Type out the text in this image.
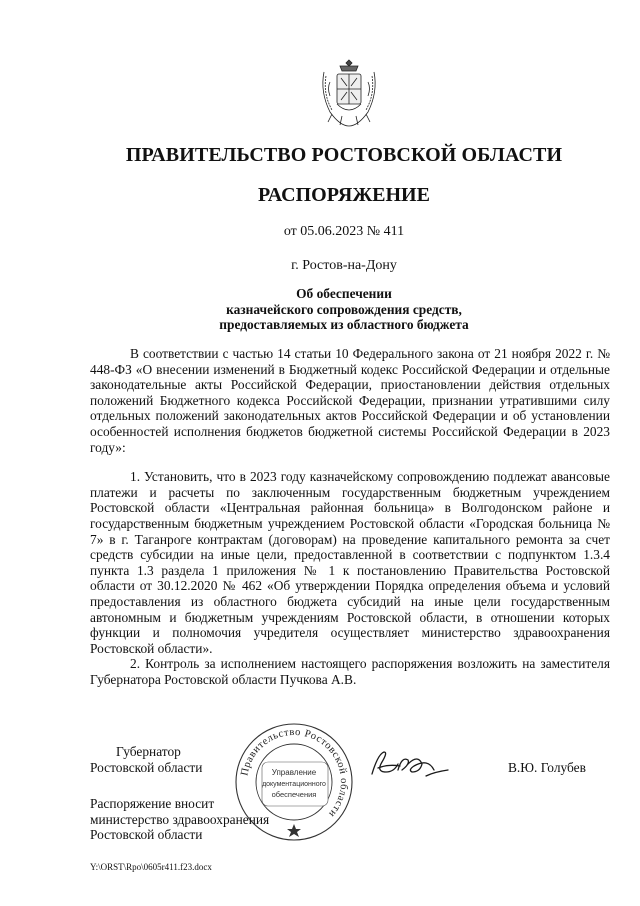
ПРАВИТЕЛЬСТВО РОСТОВСКОЙ ОБЛАСТИ
РАСПОРЯЖЕНИЕ
от 05.06.2023 № 411
г. Ростов-на-Дону
Об обеспечении
казначейского сопровождения средств,
предоставляемых из областного бюджета

В соответствии с частью 14 статьи 10 Федерального закона от 21 ноября 2022 г. № 448-ФЗ «О внесении изменений в Бюджетный кодекс Российской Федерации и отдельные законодательные акты Российской Федерации, приостановлении действия отдельных положений Бюджетного кодекса Российской Федерации, признании утратившими силу отдельных положений законодательных актов Российской Федерации и об установлении особенностей исполнения бюджетов бюджетной системы Российской Федерации в 2023 году»:

1. Установить, что в 2023 году казначейскому сопровождению подлежат авансовые платежи и расчеты по заключенным государственным бюджетным учреждением Ростовской области «Центральная районная больница» в Волгодонском районе и государственным бюджетным учреждением Ростовской области «Городская больница № 7» в г. Таганроге контрактам (договорам) на проведение капитального ремонта за счет средств субсидии на иные цели, предоставленной в соответствии с подпунктом 1.3.4 пункта 1.3 раздела 1 приложения № 1 к постановлению Правительства Ростовской области от 30.12.2020 № 462 «Об утверждении Порядка определения объема и условий предоставления из областного бюджета субсидий на иные цели государственным автономным и бюджетным учреждениям Ростовской области, в отношении которых функции и полномочия учредителя осуществляет министерство здравоохранения Ростовской области».

2. Контроль за исполнением настоящего распоряжения возложить на заместителя Губернатора Ростовской области Пучкова А.В.

Губернатор
Ростовской области	Правительство Ростовской области
Управление
документационного
обеспечения
В.Ю. Голубев
Распоряжение вносит
министерство здравоохранения
Ростовской области
Y:\ORST\Rpo\0605r411.f23.docx
